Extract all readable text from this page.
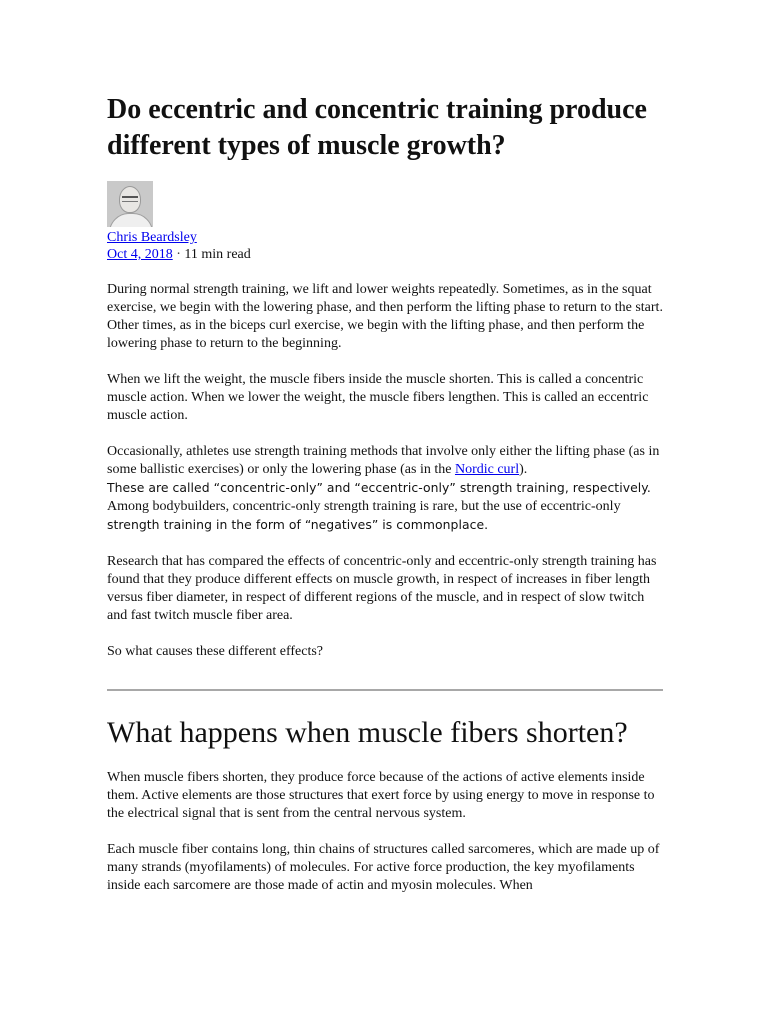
Do eccentric and concentric training produce different types of muscle growth?
Chris Beardsley
Oct 4, 2018 · 11 min read

During normal strength training, we lift and lower weights repeatedly. Sometimes, as in the squat exercise, we begin with the lowering phase, and then perform the lifting phase to return to the start. Other times, as in the biceps curl exercise, we begin with the lifting phase, and then perform the lowering phase to return to the beginning.

When we lift the weight, the muscle fibers inside the muscle shorten. This is called a concentric muscle action. When we lower the weight, the muscle fibers lengthen. This is called an eccentric muscle action.

Occasionally, athletes use strength training methods that involve only either the lifting phase (as in some ballistic exercises) or only the lowering phase (as in the Nordic curl).
These are called “concentric-only” and “eccentric-only” strength training, respectively.
Among bodybuilders, concentric-only strength training is rare, but the use of eccentric-only
strength training in the form of “negatives” is commonplace.

Research that has compared the effects of concentric-only and eccentric-only strength training has found that they produce different effects on muscle growth, in respect of increases in fiber length versus fiber diameter, in respect of different regions of the muscle, and in respect of slow twitch and fast twitch muscle fiber area.

So what causes these different effects?

What happens when muscle fibers shorten?

When muscle fibers shorten, they produce force because of the actions of active elements inside them. Active elements are those structures that exert force by using energy to move in response to the electrical signal that is sent from the central nervous system.

Each muscle fiber contains long, thin chains of structures called sarcomeres, which are made up of many strands (myofilaments) of molecules. For active force production, the key myofilaments inside each sarcomere are those made of actin and myosin molecules. When
